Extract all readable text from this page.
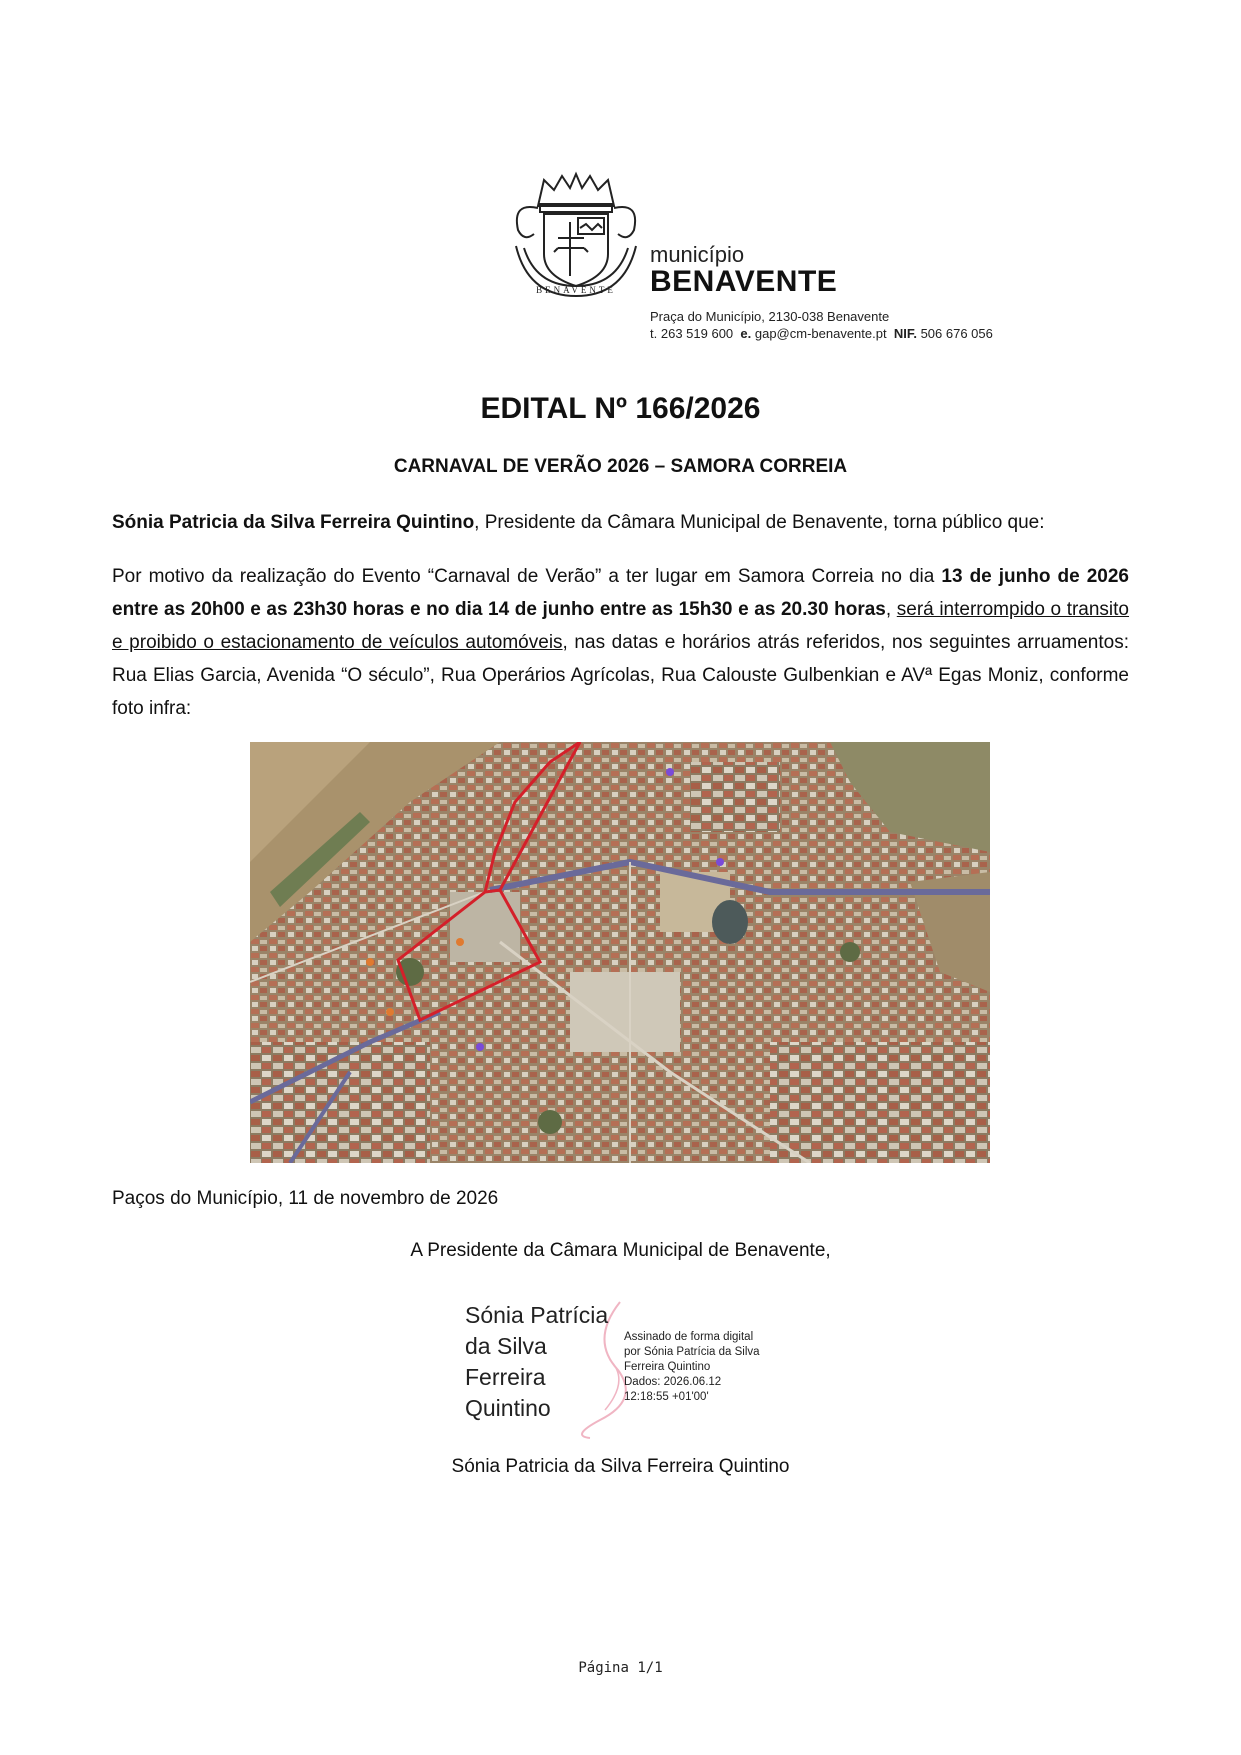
BENAVENTE
município
BENAVENTE
Praça do Município, 2130-038 Benavente
t. 263 519 600 e. gap@cm-benavente.pt NIF. 506 676 056
EDITAL Nº 166/2026
CARNAVAL DE VERÃO 2026 – SAMORA CORREIA
Sónia Patricia da Silva Ferreira Quintino, Presidente da Câmara Municipal de Benavente, torna público que:
Por motivo da realização do Evento “Carnaval de Verão” a ter lugar em Samora Correia no dia 13 de junho de 2026 entre as 20h00 e as 23h30 horas e no dia 14 de junho entre as 15h30 e as 20.30 horas, será interrompido o transito e proibido o estacionamento de veículos automóveis, nas datas e horários atrás referidos, nos seguintes arruamentos: Rua Elias Garcia, Avenida “O século”, Rua Operários Agrícolas, Rua Calouste Gulbenkian e AVª Egas Moniz, conforme foto infra:
Paços do Município, 11 de novembro de 2026
A Presidente da Câmara Municipal de Benavente,
Sónia Patrícia
da Silva
Ferreira
Quintino
Assinado de forma digital
por Sónia Patrícia da Silva
Ferreira Quintino
Dados: 2026.06.12
12:18:55 +01'00'
Sónia Patricia da Silva Ferreira Quintino
Página 1/1
